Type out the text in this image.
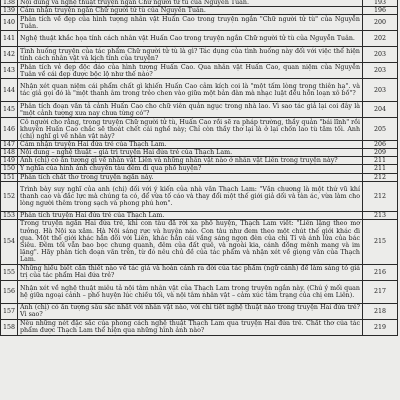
138	Nội dung và nghệ thuật truyện ngắn Chữ người tử tù của Nguyễn Tuân.	193
139	Cảm nhận truyện ngắn Chữ người tử tù của Nguyễn Tuân.	196
140	Phân tích về đẹp của hình tượng nhân vật Huấn Cao trong truyện ngắn "Chữ người tử tù" của Nguyễn Tuân.	200
141	Nghệ thuật khắc họa tính cách nhân vật Huấn Cao trong truyện ngắn Chữ người tử tù của Nguyễn Tuân.	202
142	Tình huống truyện của tác phẩm Chữ người tử tù là gì? Tác dụng của tình huống này đối với việc thể hiện tính cách nhân vật và kịch tính của truyện?	203
143	Phân tích vẻ đẹp độc đáo của hình tượng Huấn Cao. Qua nhân vật Huấn Cao, quan niệm của Nguyễn Tuân về cái đẹp được bộc lộ như thế nào?	203
144	Nhận xét quan niệm cái phẩm chất gì khiến Huấn Cao cảm kích coi là "một tấm lòng trong thiên hạ". và tác giả gọi đó là "một thanh âm trong trẻo chen vào giữa một bản đàn mà nhạc luật đều hỗn loạn xô bồ"?	203
145	Phân tích đoạn văn tả cảnh Huấn Cao cho chữ viên quản ngục trong nhà lao. Vì sao tác giả lại coi đây là "một cảnh tượng xưa nay chưa từng có"?	204
146	Cô người cho rằng, trong truyện Chữ người tử tù, Huấn Cao rồi sẽ ra pháp trường, thầy quản "bái lĩnh" rồi khuyên Huấn Cao chắc sẽ thoát chết cái nghề này; Chỉ còn thầy thơ lại là ở lại chốn lao tù tăm tối. Anh (chị) nghĩ gì về nhân vật này?	205
147	Cảm nhận truyện Hai đứa trẻ của Thạch Lam.	206
148	Nội dung – nghệ thuật – giá trị truyện Hai đứa trẻ của Thạch Lam.	209
149	Anh (chị) có ấn tượng gì về nhân vật Liên và những nhân vật nào ở nhân vật Liên trong truyện này?	211
150	Ý nghĩa của hình ảnh chuyến tàu đêm đi qua phố huyện?	211
151	Phân tích chất thơ trong truyện ngắn này.	212
152	Trình bày suy nghĩ của anh (chị) đối với ý kiến của nhà văn Thạch Lam: "Văn chương là một thứ vũ khí thanh cao và đắc lực mà chúng ta có, để vừa tố cáo và thay đổi một thế giới giả dối và tàn ác, vừa làm cho lòng người thêm trong sạch và phong phú hơn".	212
153	Phân tích truyện Hai đứa trẻ của Thạch Lam.	213
154	Trong truyện ngắn Hai đứa trẻ, khi con tàu đã rời xa phố huyện, Thạch Lam viết: "Liên lặng theo mơ tưởng. Hà Nội xa xăm. Hà Nội sáng rực và huyên náo. Con tàu như đem theo một chút thế giới khác đi qua. Một thế giới khác hẳn đối với Liên, khác hẳn cái vầng sáng ngọn đèn của chị Tí và ánh lửa của bác Siêu. Đêm tối vẫn bao bọc chung quanh, đêm của đất quê, và ngoài kia, cánh đồng mênh mang và im lặng". Hãy phân tích đoạn văn trên, từ đó nêu chủ đề của tác phẩm và nhận xét về giọng văn của Thạch Lam.	215
155	Những hiểu biết cần thiết nào về tác giả và hoàn cảnh ra đời của tác phẩm (ngữ cảnh) để làm sáng tỏ giá trị của tác phẩm Hai đứa trẻ?	216
156	Nhận xét về nghệ thuật miêu tả nội tâm nhân vật của Thạch Lam trong truyện ngắn này. (Chú ý mối quan hệ giữa ngoại cảnh – phố huyện lúc chiều tối, và nội tâm nhân vật – cảm xúc tâm trạng của chị em Liên).	217
157	Anh (chị) có ấn tượng sâu sắc nhất với nhân vật nào, với chi tiết nghệ thuật nào trong truyện Hai đứa trẻ? Vì sao?	218
158	Nêu những nét đặc sắc của phong cách nghệ thuật Thạch Lam qua truyện Hai đứa trẻ. Chất thơ của tác phẩm được Thạch Lam thể hiện qua những hình ảnh nào?	219
